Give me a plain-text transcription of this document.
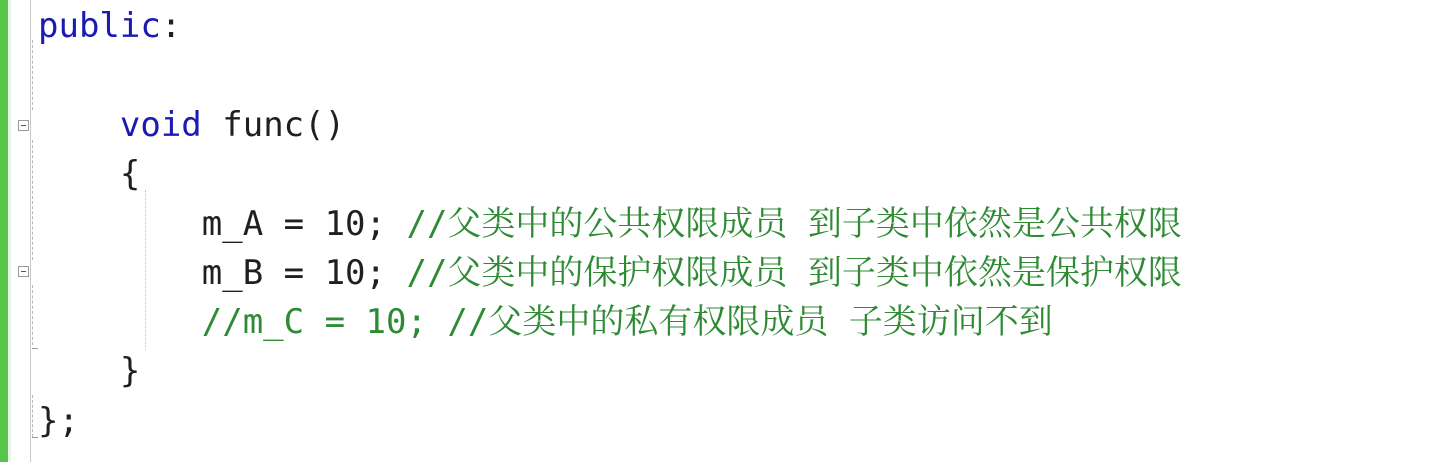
public:
void func()
{
m_A = 10; //父类中的公共权限成员 到子类中依然是公共权限
m_B = 10; //父类中的保护权限成员 到子类中依然是保护权限
//m_C = 10; //父类中的私有权限成员 子类访问不到
}
};
